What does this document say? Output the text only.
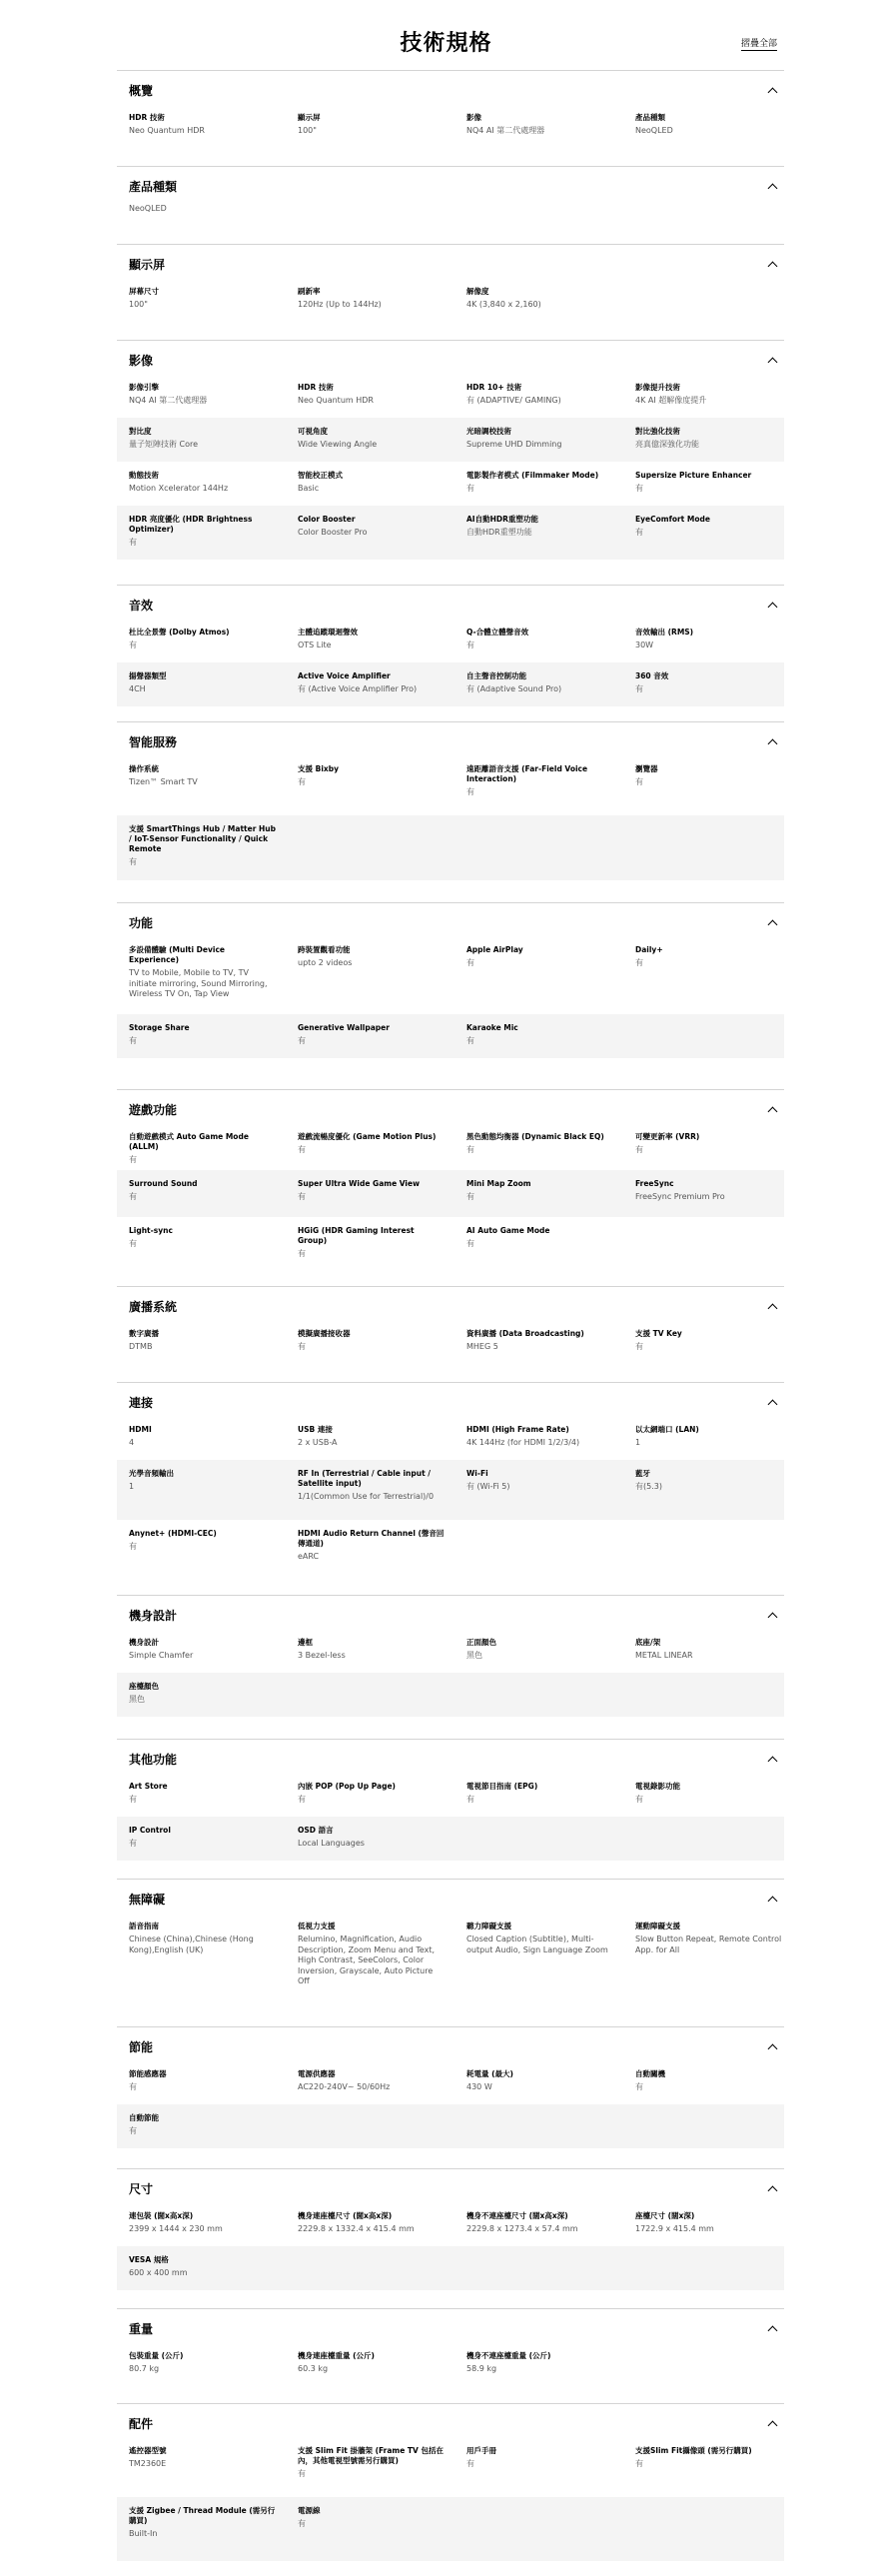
技術規格	摺疊全部
概覽
HDR 技術
Neo Quantum HDR
顯示屏
100"
影像
NQ4 AI 第二代處理器
產品種類
NeoQLED
產品種類
NeoQLED
顯示屏
屏幕尺寸
100"
刷新率
120Hz (Up to 144Hz)
解像度
4K (3,840 x 2,160)
影像
影像引擎
NQ4 AI 第二代處理器
HDR 技術
Neo Quantum HDR
HDR 10+ 技術
有 (ADAPTIVE/ GAMING)
影像提升技術
4K AI 超解像度提升
對比度
量子矩陣技術 Core
可視角度
Wide Viewing Angle
光暗調校技術
Supreme UHD Dimming
對比強化技術
亮真億深強化功能
動態技術
Motion Xcelerator 144Hz
智能校正模式
Basic
電影製作者模式 (Filmmaker Mode)
有
Supersize Picture Enhancer
有
HDR 亮度優化 (HDR Brightness Optimizer)
有
Color Booster
Color Booster Pro
AI自動HDR重塑功能
自動HDR重塑功能
EyeComfort Mode
有
音效
杜比全景聲 (Dolby Atmos)
有
主體追蹤環迴聲效
OTS Lite
Q-合體立體聲音效
有
音效輸出 (RMS)
30W
揚聲器類型
4CH
Active Voice Amplifier
有 (Active Voice Amplifier Pro)
自主聲音控制功能
有 (Adaptive Sound Pro)
360 音效
有
智能服務
操作系統
Tizen™ Smart TV
支援 Bixby
有
遠距離語音支援 (Far-Field Voice Interaction)
有
瀏覽器
有
支援 SmartThings Hub / Matter Hub / IoT-Sensor Functionality / Quick Remote
有
功能
多設備體驗 (Multi Device Experience)
TV to Mobile, Mobile to TV, TV initiate mirroring, Sound Mirroring, Wireless TV On, Tap View
跨裝置觀看功能
upto 2 videos
Apple AirPlay
有
Daily+
有
Storage Share
有
Generative Wallpaper
有
Karaoke Mic
有
遊戲功能
自動遊戲模式 Auto Game Mode (ALLM)
有
遊戲流暢度優化 (Game Motion Plus)
有
黑色動態均衡器 (Dynamic Black EQ)
有
可變更新率 (VRR)
有
Surround Sound
有
Super Ultra Wide Game View
有
Mini Map Zoom
有
FreeSync
FreeSync Premium Pro
Light-sync
有
HGiG (HDR Gaming Interest Group)
有
AI Auto Game Mode
有
廣播系統
數字廣播
DTMB
模擬廣播接收器
有
資料廣播 (Data Broadcasting)
MHEG 5
支援 TV Key
有
連接
HDMI
4
USB 連接
2 x USB-A
HDMI (High Frame Rate)
4K 144Hz (for HDMI 1/2/3/4)
以太網端口 (LAN)
1
光學音頻輸出
1
RF In (Terrestrial / Cable input / Satellite input)
1/1(Common Use for Terrestrial)/0
Wi-Fi
有 (Wi-Fi 5)
藍牙
有(5.3)
Anynet+ (HDMI-CEC)
有
HDMI Audio Return Channel (聲音回傳通道)
eARC
機身設計
機身設計
Simple Chamfer
邊框
3 Bezel-less
正面顏色
黑色
底座/架
METAL LINEAR
座檯顏色
黑色
其他功能
Art Store
有
內嵌 POP (Pop Up Page)
有
電視節目指南 (EPG)
有
電視錄影功能
有
IP Control
有
OSD 語言
Local Languages
無障礙
語音指南
Chinese (China),Chinese (Hong Kong),English (UK)
低視力支援
Relumino, Magnification, Audio Description, Zoom Menu and Text, High Contrast, SeeColors, Color Inversion, Grayscale, Auto Picture Off
聽力障礙支援
Closed Caption (Subtitle), Multi-output Audio, Sign Language Zoom
運動障礙支援
Slow Button Repeat, Remote Control App. for All
節能
節能感應器
有
電源供應器
AC220-240V~ 50/60Hz
耗電量 (最大)
430 W
自動關機
有
自動節能
有
尺寸
連包裝 (闊x高x深)
2399 x 1444 x 230 mm
機身連座檯尺寸 (闊x高x深)
2229.8 x 1332.4 x 415.4 mm
機身不連座檯尺寸 (闊x高x深)
2229.8 x 1273.4 x 57.4 mm
座檯尺寸 (闊x深)
1722.9 x 415.4 mm
VESA 規格
600 x 400 mm
重量
包裝重量 (公斤)
80.7 kg
機身連座檯重量 (公斤)
60.3 kg
機身不連座檯重量 (公斤)
58.9 kg
配件
遙控器型號
TM2360E
支援 Slim Fit 掛牆架 (Frame TV 包括在內，其他電視型號需另行購買)
有
用戶手冊
有
支援Slim Fit攝像頭 (需另行購買)
有
支援 Zigbee / Thread Module (需另行購買)
Built-In
電源線
有
